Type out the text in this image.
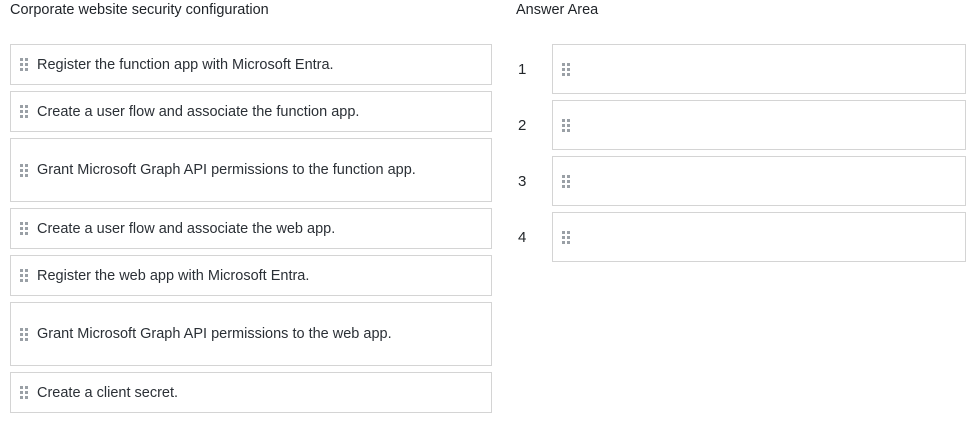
Corporate website security configuration	Answer Area
Register the function app with Microsoft Entra.
Create a user flow and associate the function app.
Grant Microsoft Graph API permissions to the function app.
Create a user flow and associate the web app.
Register the web app with Microsoft Entra.
Grant Microsoft Graph API permissions to the web app.
Create a client secret.
1
2
3
4
